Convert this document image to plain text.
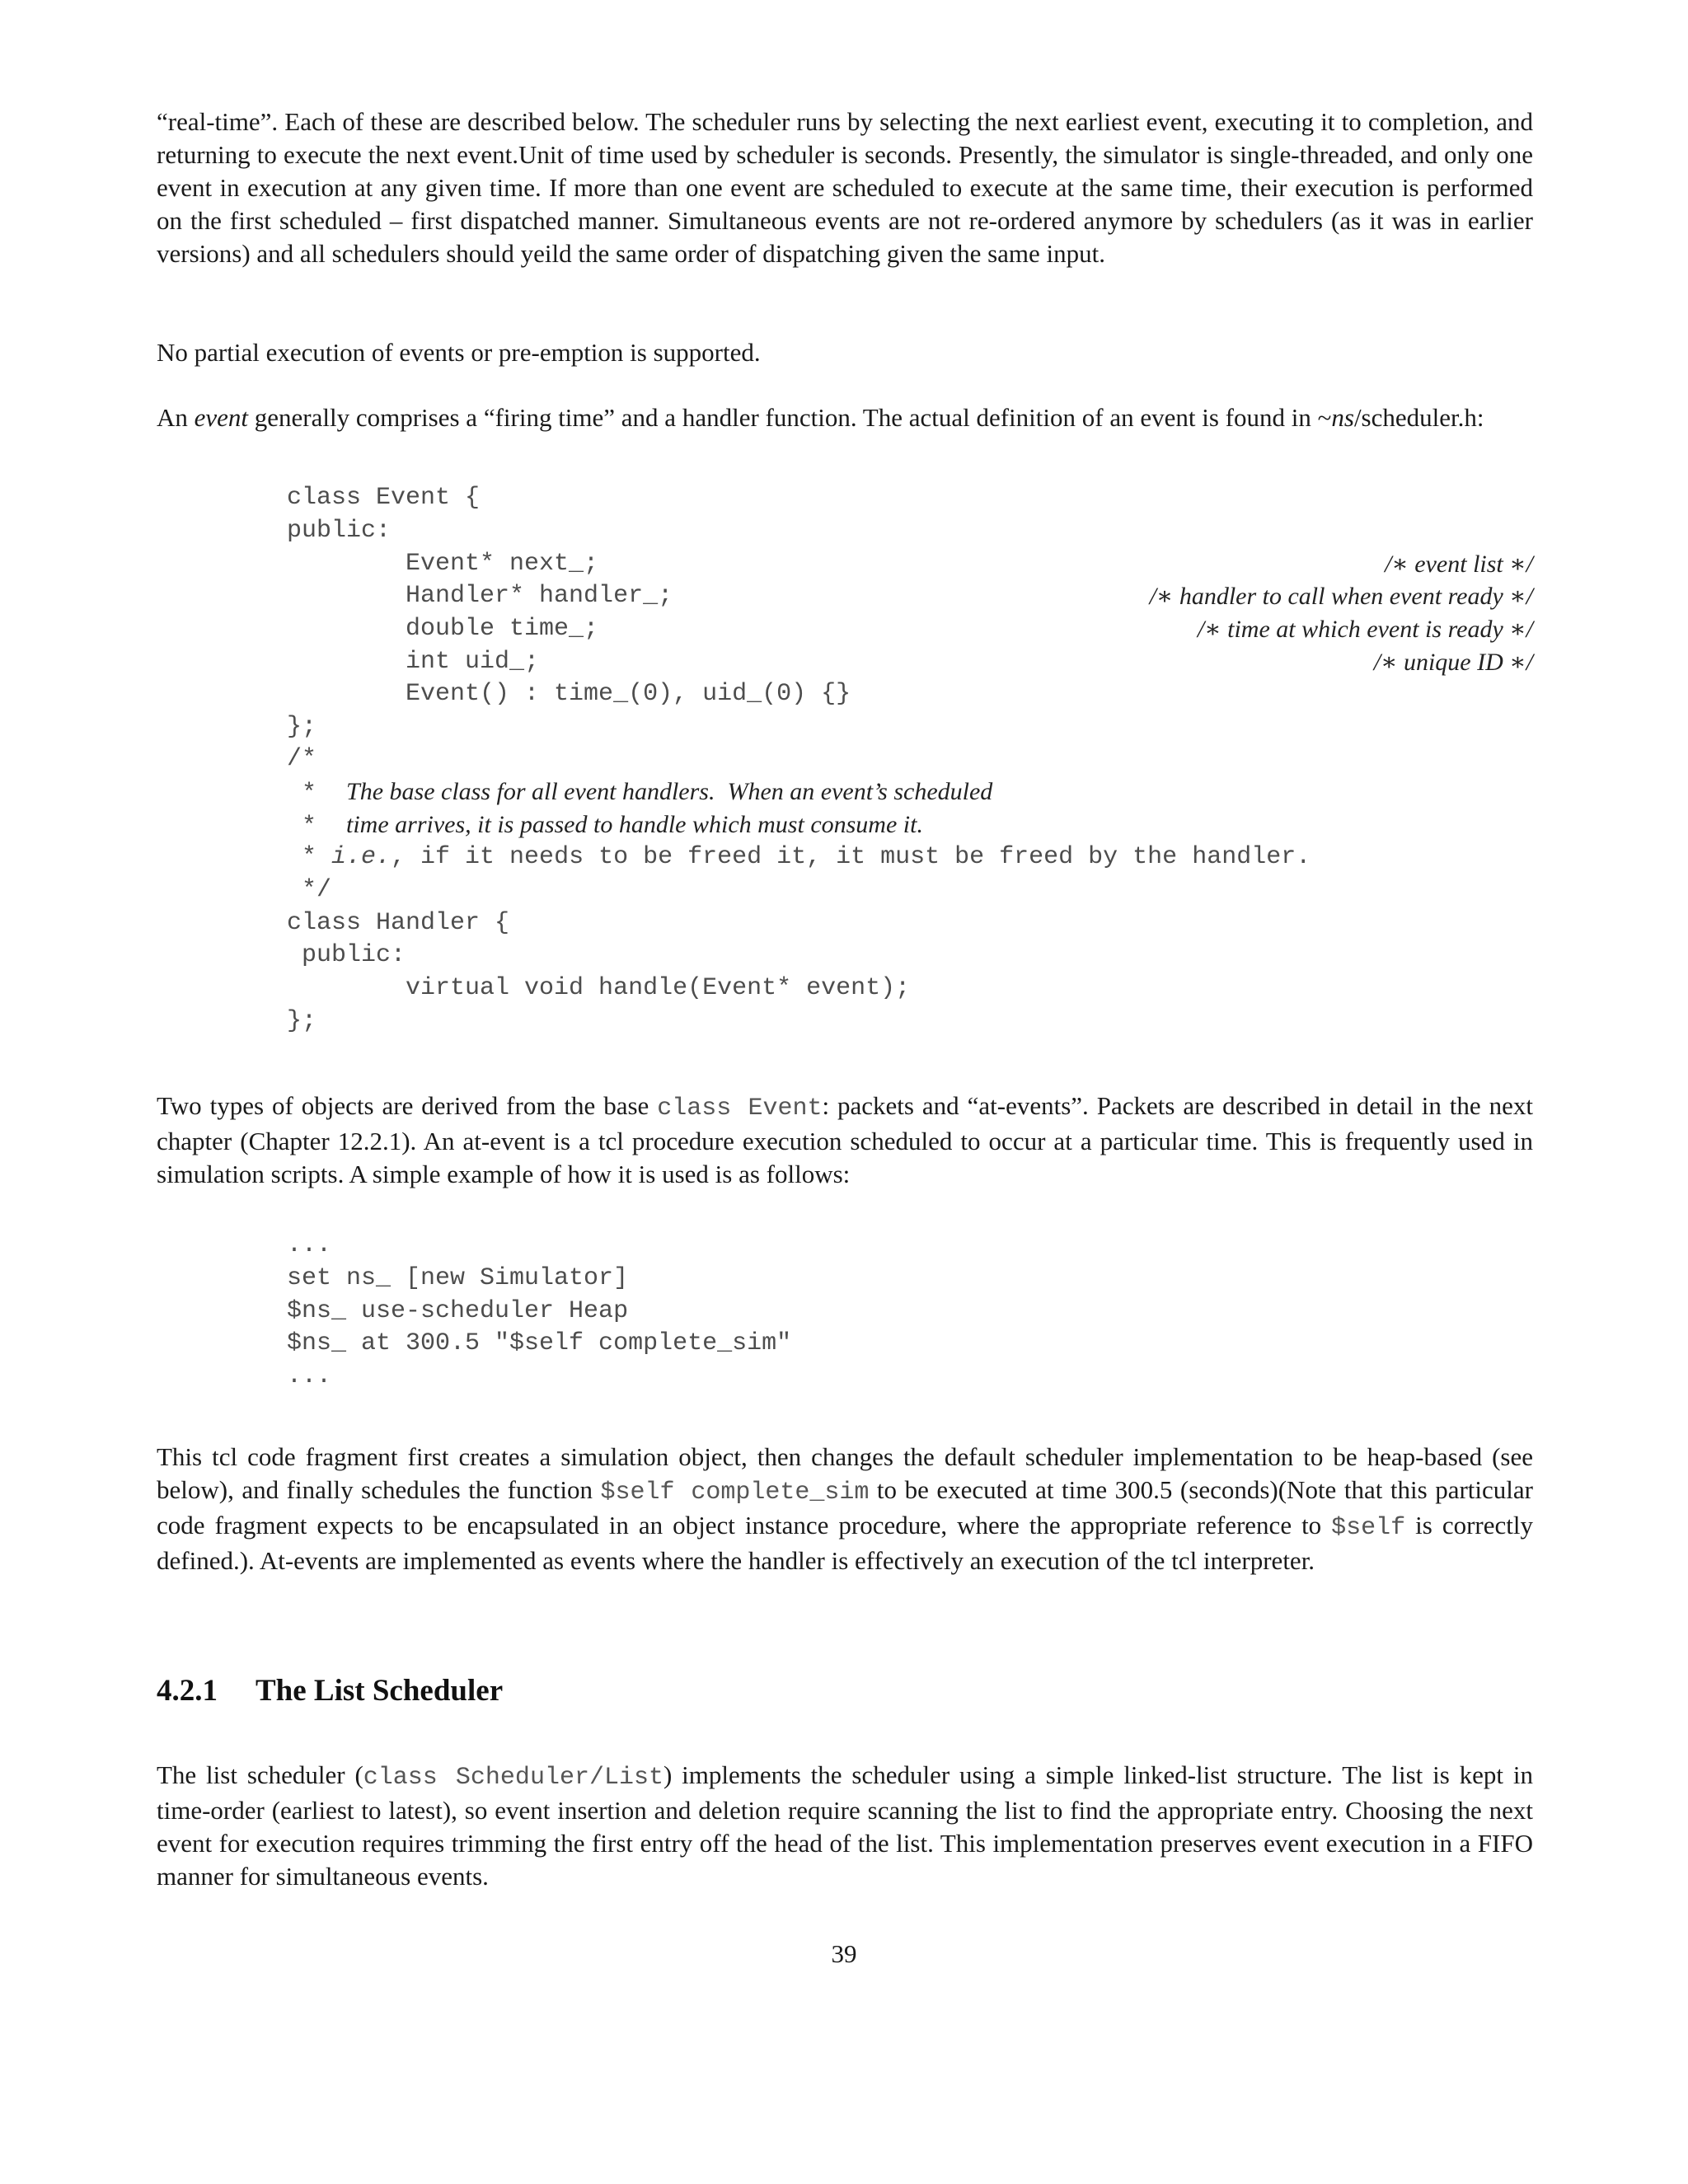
“real-time”. Each of these are described below. The scheduler runs by selecting the next earliest event, executing it to completion, and returning to execute the next event.Unit of time used by scheduler is seconds. Presently, the simulator is single-threaded, and only one event in execution at any given time. If more than one event are scheduled to execute at the same time, their execution is performed on the first scheduled – first dispatched manner. Simultaneous events are not re-ordered anymore by schedulers (as it was in earlier versions) and all schedulers should yeild the same order of dispatching given the same input.

No partial execution of events or pre-emption is supported.

An event generally comprises a “firing time” and a handler function. The actual definition of an event is found in ~ns/scheduler.h:

class Event {
public:
Event* next_;
Handler* handler_;
double time_;
int uid_;
Event() : time_(0), uid_(0) {}
};
/*
*  The base class for all event handlers.  When an event’s scheduled
*  time arrives, it is passed to handle which must consume it.
* i.e., if it needs to be freed it, it must be freed by the handler.
*/
class Handler {
public:
virtual void handle(Event* event);
};
/∗ event list ∗/
/∗ handler to call when event ready ∗/
/∗ time at which event is ready ∗/
/∗ unique ID ∗/

Two types of objects are derived from the base class Event: packets and “at-events”. Packets are described in detail in the next chapter (Chapter 12.2.1). An at-event is a tcl procedure execution scheduled to occur at a particular time. This is frequently used in simulation scripts. A simple example of how it is used is as follows:

...
set ns_ [new Simulator]
$ns_ use-scheduler Heap
$ns_ at 300.5 "$self complete_sim"
...

This tcl code fragment first creates a simulation object, then changes the default scheduler implementation to be heap-based (see below), and finally schedules the function $self complete_sim to be executed at time 300.5 (seconds)(Note that this particular code fragment expects to be encapsulated in an object instance procedure, where the appropriate reference to $self is correctly defined.). At-events are implemented as events where the handler is effectively an execution of the tcl interpreter.

4.2.1 The List Scheduler

The list scheduler (class Scheduler/List) implements the scheduler using a simple linked-list structure. The list is kept in time-order (earliest to latest), so event insertion and deletion require scanning the list to find the appropriate entry. Choosing the next event for execution requires trimming the first entry off the head of the list. This implementation preserves event execution in a FIFO manner for simultaneous events.

39
